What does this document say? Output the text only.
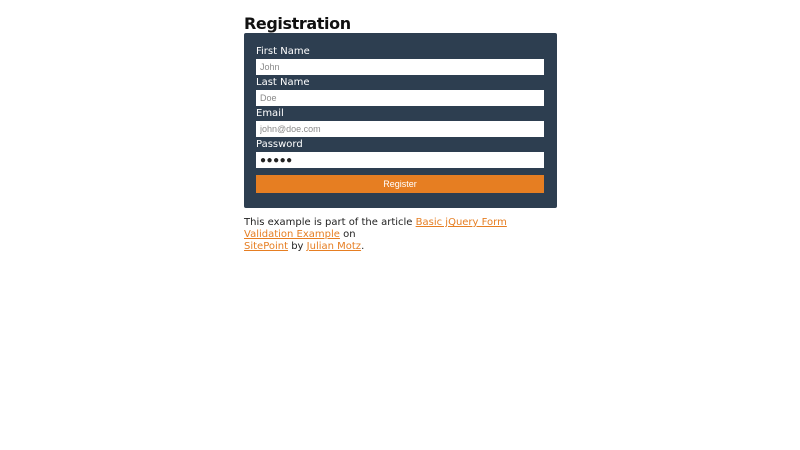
Registration
First Name
John
Last Name
Doe
Email
john@doe.com
Password
●●●●●
Register

This example is part of the article Basic jQuery Form Validation Example on
SitePoint by Julian Motz.
